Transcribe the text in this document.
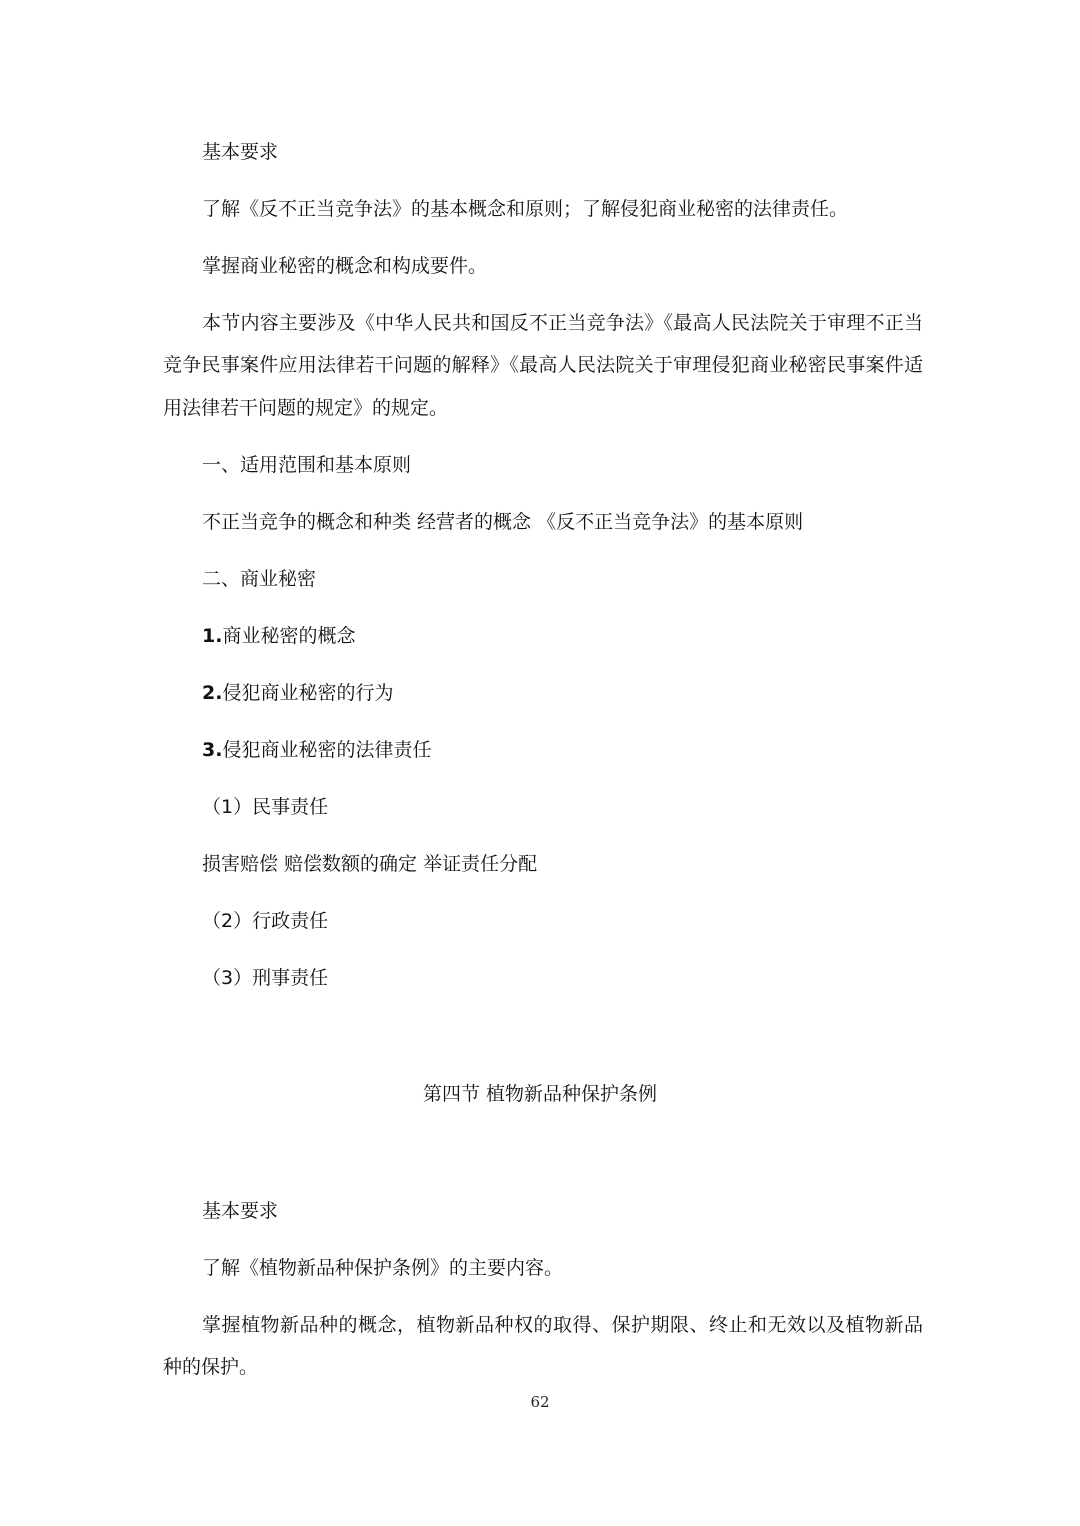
基本要求
了解《反不正当竞争法》的基本概念和原则；了解侵犯商业秘密的法律责任。
掌握商业秘密的概念和构成要件。
本节内容主要涉及《中华人民共和国反不正当竞争法》《最高人民法院关于审理不正当
竞争民事案件应用法律若干问题的解释》《最高人民法院关于审理侵犯商业秘密民事案件适
用法律若干问题的规定》的规定。
一、适用范围和基本原则
不正当竞争的概念和种类 经营者的概念 《反不正当竞争法》的基本原则
二、商业秘密
1.商业秘密的概念
2.侵犯商业秘密的行为
3.侵犯商业秘密的法律责任
（1）民事责任
损害赔偿 赔偿数额的确定 举证责任分配
（2）行政责任
（3）刑事责任
第四节 植物新品种保护条例
基本要求
了解《植物新品种保护条例》的主要内容。
掌握植物新品种的概念，植物新品种权的取得、保护期限、终止和无效以及植物新品
种的保护。
62
